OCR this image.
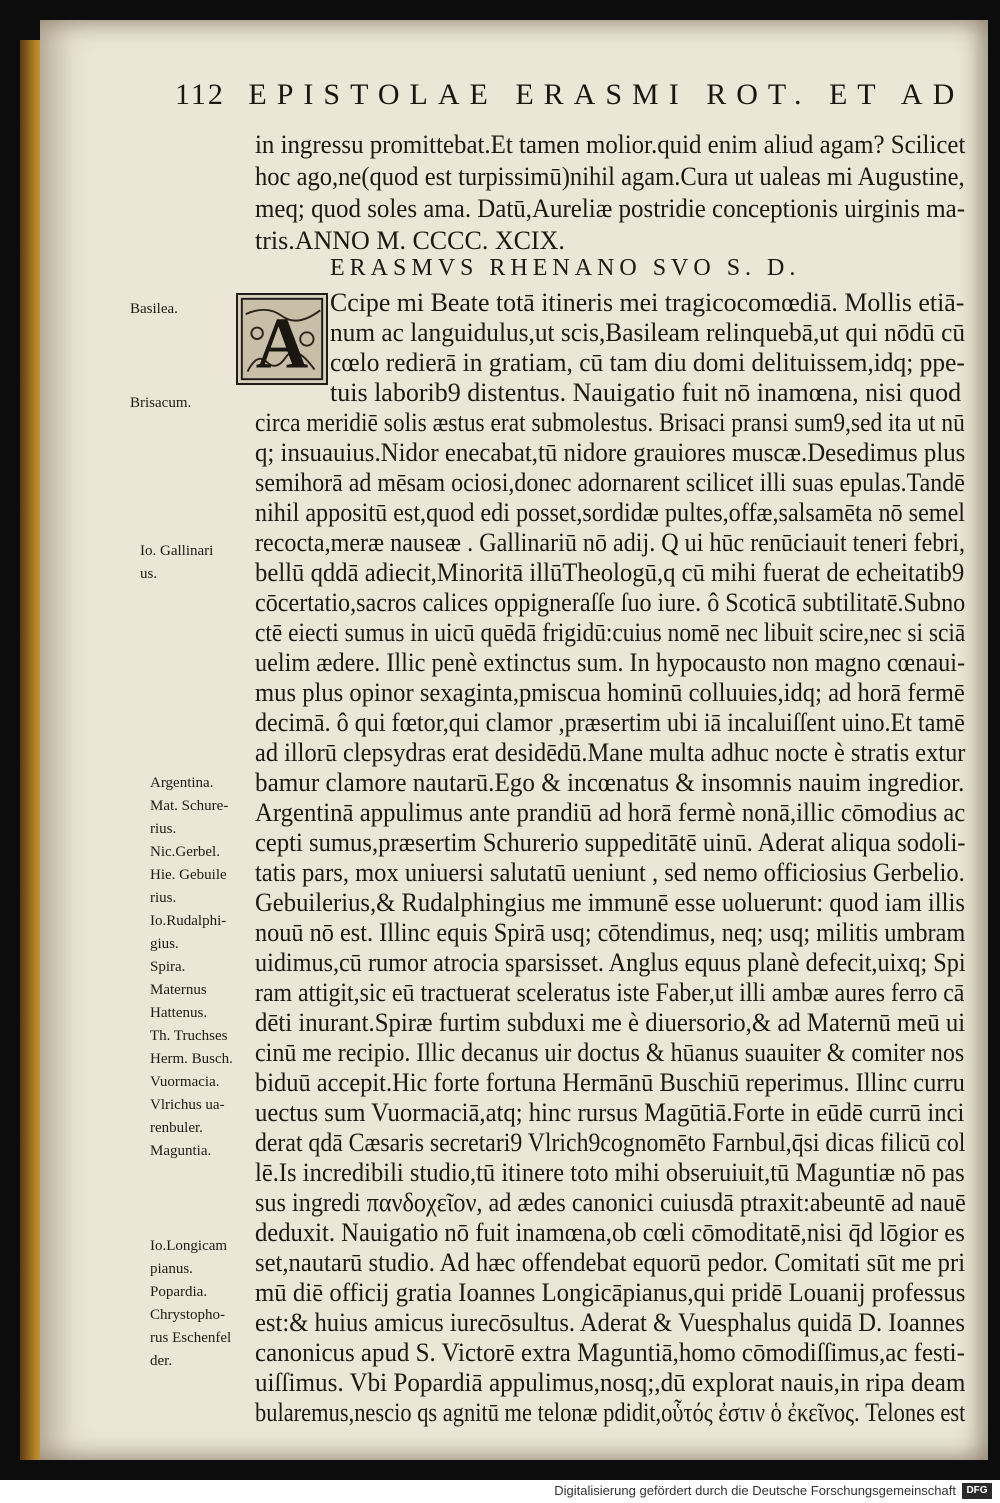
112 EPISTOLAE ERASMI ROT. ET AD
A
in ingressu promittebat.Et tamen molior.quid enim aliud agam? Scilicet
hoc ago,ne(quod est turpissimū)nihil agam.Cura ut ualeas mi Augustine,
meq; quod soles ama. Datū,Aureliæ postridie conceptionis uirginis ma-
tris.ANNO M. CCCC. XCIX.
Ccipe mi Beate totā itineris mei tragicocomœdiā. Mollis etiā-
num ac languidulus,ut scis,Basileam relinquebā,ut qui nōdū cū
cœlo redierā in gratiam, cū tam diu domi delituissem,idq; ppe-
tuis laborib9 distentus. Nauigatio fuit nō inamœna, nisi quod
circa meridiē solis æstus erat submolestus. Brisaci pransi sum9,sed ita ut nū
q; insuauius.Nidor enecabat,tū nidore grauiores muscæ.Desedimus plus
semihorā ad mēsam ociosi,donec adornarent scilicet illi suas epulas.Tandē
nihil appositū est,quod edi posset,sordidæ pultes,offæ,salsamēta nō semel
recocta,meræ nauseæ . Gallinariū nō adij. Q ui hūc renūciauit teneri febri,
bellū qddā adiecit,Minoritā illūTheologū,q cū mihi fuerat de echeitatib9
cōcertatio,sacros calices oppigneraſſe ſuo iure. ô Scoticā subtilitatē.Subno
ctē eiecti sumus in uicū quēdā frigidū:cuius nomē nec libuit scire,nec si sciā
uelim ædere. Illic penè extinctus sum. In hypocausto non magno cœnaui-
mus plus opinor sexaginta,pmiscua hominū colluuies,idq; ad horā fermē
decimā. ô qui fœtor,qui clamor ,præsertim ubi iā incaluiſſent uino.Et tamē
ad illorū clepsydras erat desidēdū.Mane multa adhuc nocte è stratis extur
bamur clamore nautarū.Ego & incœnatus & insomnis nauim ingredior.
Argentinā appulimus ante prandiū ad horā fermè nonā,illic cōmodius ac
cepti sumus,præsertim Schurerio suppeditātē uinū. Aderat aliqua sodoli-
tatis pars, mox uniuersi salutatū ueniunt , sed nemo officiosius Gerbelio.
Gebuilerius,& Rudalphingius me immunē esse uoluerunt: quod iam illis
nouū nō est. Illinc equis Spirā usq; cōtendimus, neq; usq; militis umbram
uidimus,cū rumor atrocia sparsisset. Anglus equus planè defecit,uixq; Spi
ram attigit,sic eū tractuerat sceleratus iste Faber,ut illi ambæ aures ferro cā
dēti inurant.Spiræ furtim subduxi me è diuersorio,& ad Maternū meū ui
cinū me recipio. Illic decanus uir doctus & hūanus suauiter & comiter nos
biduū accepit.Hic forte fortuna Hermānū Buschiū reperimus. Illinc curru
uectus sum Vuormaciā,atq; hinc rursus Magūtiā.Forte in eūdē currū inci
derat qdā Cæsaris secretari9 Vlrich9cognomēto Farnbul,q̄si dicas filicū col
lē.Is incredibili studio,tū itinere toto mihi obseruiuit,tū Maguntiæ nō pas
sus ingredi πανδοχεῖον, ad ædes canonici cuiusdā ptraxit:abeuntē ad nauē
deduxit. Nauigatio nō fuit inamœna,ob cœli cōmoditatē,nisi q̄d lōgior es
set,nautarū studio. Ad hæc offendebat equorū pedor. Comitati sūt me pri
mū diē officij gratia Ioannes Longicāpianus,qui pridē Louanij professus
est:& huius amicus iurecōsultus. Aderat & Vuesphalus quidā D. Ioannes
canonicus apud S. Victorē extra Maguntiā,homo cōmodiſſimus,ac festi-
uiſſimus. Vbi Popardiā appulimus,nosq;,dū explorat nauis,in ripa deam
bularemus,nescio qs agnitū me telonæ pdidit,οὗτός ἐστιν ὁ ἐκεῖνος. Telones est
Basilea.
Brisacum.
Io. Gallinari
us.
Argentina.
Mat. Schure-
rius.
Nic.Gerbel.
Hie. Gebuile
rius.
Io.Rudalphi-
gius.
Spira.
Maternus
Hattenus.
Th. Truchses
Herm. Busch.
Vuormacia.
Vlrichus ua-
renbuler.
Maguntia.
Io.Longicam
pianus.
Popardia.
Chrystopho-
rus Eschenfel
der.
Digitalisierung gefördert durch die Deutsche Forschungsgemeinschaft	DFG
ERASMVS RHENANO SVO S. D.
